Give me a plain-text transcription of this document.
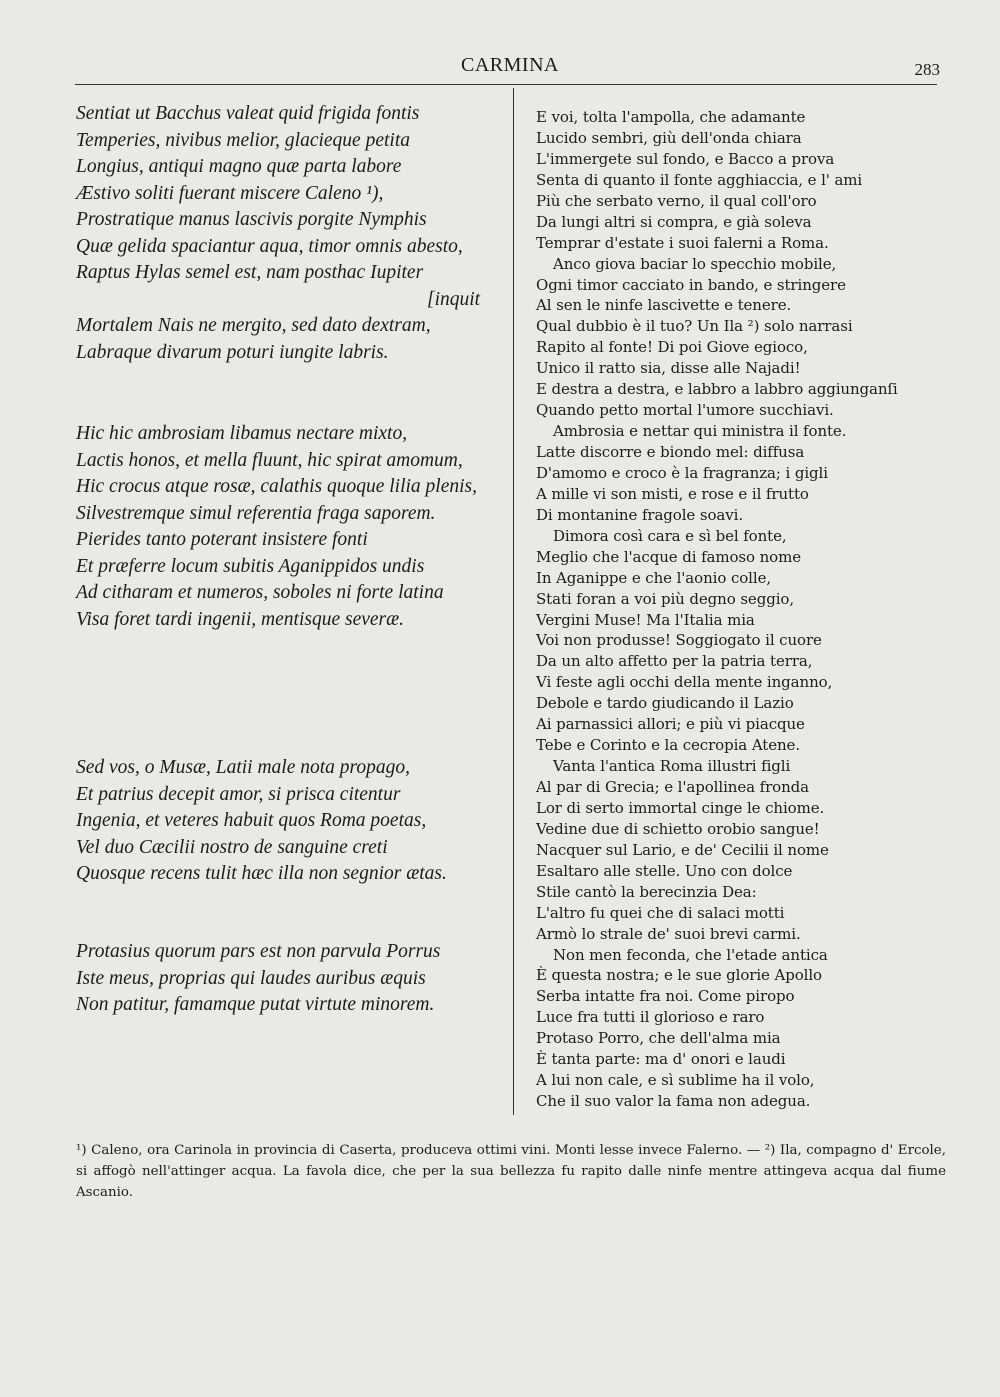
CARMINA	283
Sentiat ut Bacchus valeat quid frigida fontis
Temperies, nivibus melior, glacieque petita
Longius, antiqui magno quæ parta labore
Æstivo soliti fuerant miscere Caleno ¹),
Prostratique manus lascivis porgite Nymphis
Quæ gelida spaciantur aqua, timor omnis abesto,
Raptus Hylas semel est, nam posthac Iupiter
[inquit
Mortalem Nais ne mergito, sed dato dextram,
Labraque divarum poturi iungite labris.
Hic hic ambrosiam libamus nectare mixto,
Lactis honos, et mella fluunt, hic spirat amomum,
Hic crocus atque rosæ, calathis quoque lilia plenis,
Silvestremque simul referentia fraga saporem.
Pierides tanto poterant insistere fonti
Et præferre locum subitis Aganippidos undis
Ad citharam et numeros, soboles ni forte latina
Visa foret tardi ingenii, mentisque severæ.
Sed vos, o Musæ, Latii male nota propago,
Et patrius decepit amor, si prisca citentur
Ingenia, et veteres habuit quos Roma poetas,
Vel duo Cæcilii nostro de sanguine creti
Quosque recens tulit hæc illa non segnior ætas.
Protasius quorum pars est non parvula Porrus
Iste meus, proprias qui laudes auribus æquis
Non patitur, famamque putat virtute minorem.
E voi, tolta l'ampolla, che adamante
Lucido sembri, giù dell'onda chiara
L'immergete sul fondo, e Bacco a prova
Senta di quanto il fonte agghiaccia, e l' ami
Più che serbato verno, il qual coll'oro
Da lungi altri si compra, e già soleva
Temprar d'estate i suoi falerni a Roma.
Anco giova baciar lo specchio mobile,
Ogni timor cacciato in bando, e stringere
Al sen le ninfe lascivette e tenere.
Qual dubbio è il tuo? Un Ila ²) solo narrasi
Rapito al fonte! Di poi Giove egioco,
Unico il ratto sia, disse alle Najadi!
E destra a destra, e labbro a labbro aggiunganſi
Quando petto mortal l'umore succhiavi.
Ambrosia e nettar qui ministra il fonte.
Latte discorre e biondo mel: diffusa
D'amomo e croco è la fragranza; i gigli
A mille vi son misti, e rose e il frutto
Di montanine fragole soavi.
Dimora così cara e sì bel fonte,
Meglio che l'acque di famoso nome
In Aganippe e che l'aonio colle,
Stati foran a voi più degno seggio,
Vergini Muse! Ma l'Italia mia
Voi non produsse! Soggiogato il cuore
Da un alto affetto per la patria terra,
Vi feste agli occhi della mente inganno,
Debole e tardo giudicando il Lazio
Ai parnassici allori; e più vi piacque
Tebe e Corinto e la cecropia Atene.
Vanta l'antica Roma illustri figli
Al par di Grecia; e l'apollinea fronda
Lor di serto immortal cinge le chiome.
Vedine due di schietto orobio sangue!
Nacquer sul Lario, e de' Cecilii il nome
Esaltaro alle stelle. Uno con dolce
Stile cantò la berecinzia Dea:
L'altro fu quei che di salaci motti
Armò lo strale de' suoi brevi carmi.
Non men feconda, che l'etade antica
È questa nostra; e le sue glorie Apollo
Serba intatte fra noi. Come piropo
Luce fra tutti il glorioso e raro
Protaso Porro, che dell'alma mia
È tanta parte: ma d' onori e laudi
A lui non cale, e sì sublime ha il volo,
Che il suo valor la fama non adegua.

¹) Caleno, ora Carinola in provincia di Caserta, produceva ottimi vini. Monti lesse invece Falerno. — ²) Ila, compagno d' Ercole, si affogò nell'attinger acqua. La favola dice, che per la sua bellezza fu rapito dalle ninfe mentre attingeva acqua dal fiume Ascanio.
